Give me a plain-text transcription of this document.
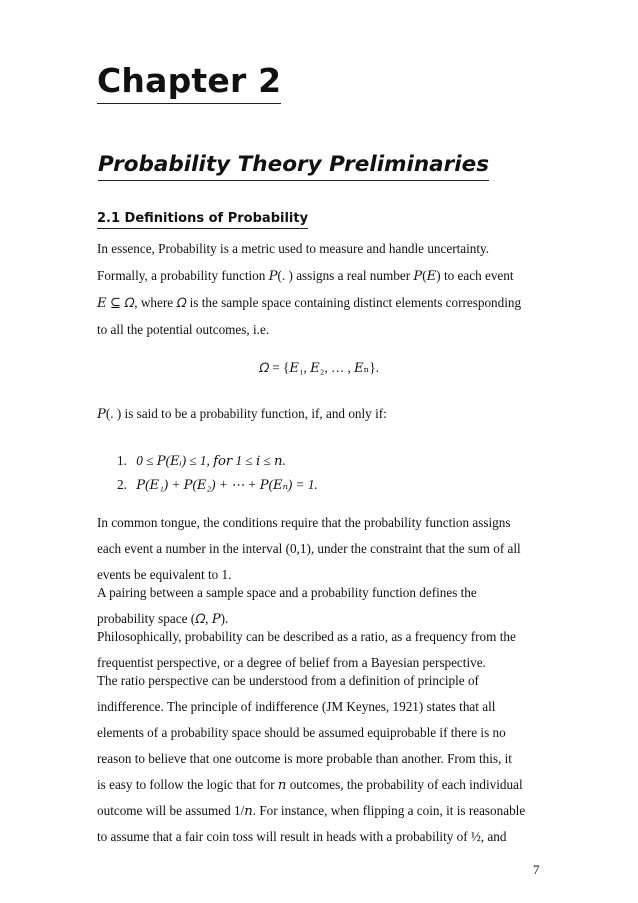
Chapter 2
Probability Theory Preliminaries
2.1 Definitions of Probability
In essence, Probability is a metric used to measure and handle uncertainty.
Formally, a probability function 𝑃(. ) assigns a real number 𝑃(𝐸) to each event
𝐸 ⊆ 𝛺, where 𝛺 is the sample space containing distinct elements corresponding
to all the potential outcomes, i.e.
𝛺 = {𝐸₁, 𝐸₂, … , 𝐸ₙ}.
𝑃(. ) is said to be a probability function, if, and only if:
1. 0 ≤ 𝑃(𝐸ᵢ) ≤ 1, 𝑓𝑜𝑟 1 ≤ 𝑖 ≤ 𝑛.
2. 𝑃(𝐸₁) + 𝑃(𝐸₂) + ⋯ + 𝑃(𝐸ₙ) = 1.
In common tongue, the conditions require that the probability function assigns
each event a number in the interval (0,1), under the constraint that the sum of all
events be equivalent to 1.
A pairing between a sample space and a probability function defines the
probability space (𝛺, 𝑃).
Philosophically, probability can be described as a ratio, as a frequency from the
frequentist perspective, or a degree of belief from a Bayesian perspective.
The ratio perspective can be understood from a definition of principle of
indifference. The principle of indifference (JM Keynes, 1921) states that all
elements of a probability space should be assumed equiprobable if there is no
reason to believe that one outcome is more probable than another. From this, it
is easy to follow the logic that for 𝑛 outcomes, the probability of each individual
outcome will be assumed 1/𝑛. For instance, when flipping a coin, it is reasonable
to assume that a fair coin toss will result in heads with a probability of ½, and
7
